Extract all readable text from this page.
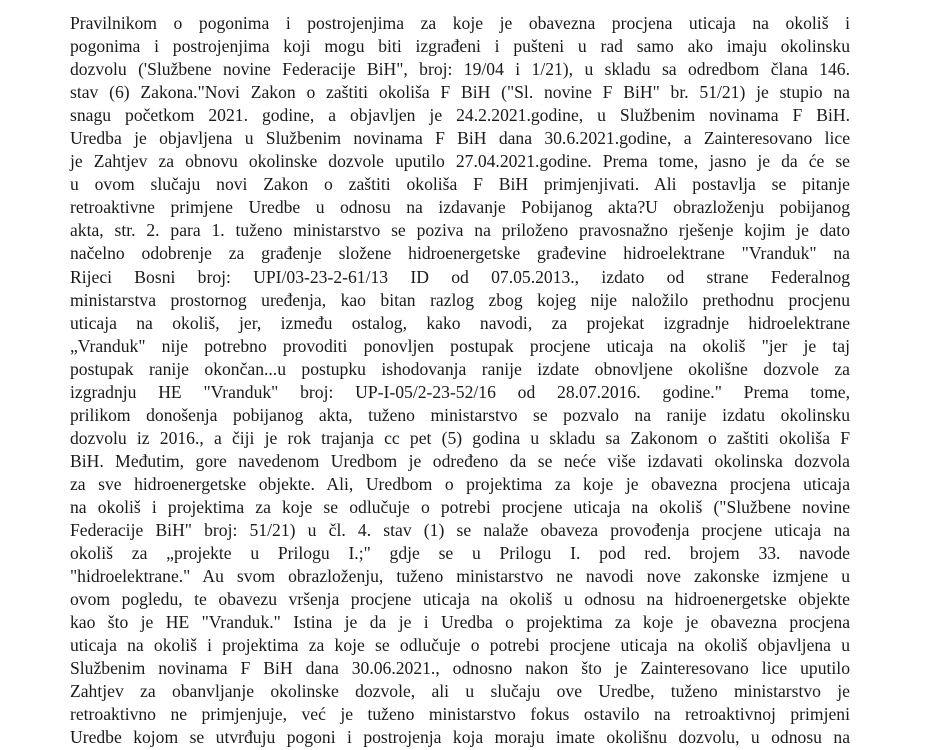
Pravilnikom o pogonima i postrojenjima za koje je obavezna procjena uticaja na okoliš i
pogonima i postrojenjima koji mogu biti izgrađeni i pušteni u rad samo ako imaju okolinsku
dozvolu ('Službene novine Federacije BiH", broj: 19/04 i 1/21), u skladu sa odredbom člana 146.
stav (6) Zakona."Novi Zakon o zaštiti okoliša F BiH ("Sl. novine F BiH" br. 51/21) je stupio na
snagu početkom 2021. godine, a objavljen je 24.2.2021.godine, u Službenim novinama F BiH.
Uredba je objavljena u Službenim novinama F BiH dana 30.6.2021.godine, a Zainteresovano lice
je Zahtjev za obnovu okolinske dozvole uputilo 27.04.2021.godine. Prema tome, jasno je da će se
u ovom slučaju novi Zakon o zaštiti okoliša F BiH primjenjivati. Ali postavlja se pitanje
retroaktivne primjene Uredbe u odnosu na izdavanje Pobijanog akta?U obrazloženju pobijanog
akta, str. 2. para 1. tuženo ministarstvo se poziva na priloženo pravosnažno rješenje kojim je dato
načelno odobrenje za građenje složene hidroenergetske građevine hidroelektrane "Vranduk" na
Rijeci Bosni broj: UPI/03-23-2-61/13 ID od 07.05.2013., izdato od strane Federalnog
ministarstva prostornog uređenja, kao bitan razlog zbog kojeg nije naložilo prethodnu procjenu
uticaja na okoliš, jer, između ostalog, kako navodi, za projekat izgradnje hidroelektrane
„Vranduk" nije potrebno provoditi ponovljen postupak procjene uticaja na okoliš "jer je taj
postupak ranije okončan...u postupku ishodovanja ranije izdate obnovljene okolišne dozvole za
izgradnju HE "Vranduk" broj: UP-I-05/2-23-52/16 od 28.07.2016. godine." Prema tome,
prilikom donošenja pobijanog akta, tuženo ministarstvo se pozvalo na ranije izdatu okolinsku
dozvolu iz 2016., a čiji je rok trajanja cc pet (5) godina u skladu sa Zakonom o zaštiti okoliša F
BiH. Međutim, gore navedenom Uredbom je određeno da se neće više izdavati okolinska dozvola
za sve hidroenergetske objekte. Ali, Uredbom o projektima za koje je obavezna procjena uticaja
na okoliš i projektima za koje se odlučuje o potrebi procjene uticaja na okoliš ("Službene novine
Federacije BiH" broj: 51/21) u čl. 4. stav (1) se nalaže obaveza provođenja procjene uticaja na
okoliš za „projekte u Prilogu I.;" gdje se u Prilogu I. pod red. brojem 33. navode
"hidroelektrane." Au svom obrazloženju, tuženo ministarstvo ne navodi nove zakonske izmjene u
ovom pogledu, te obavezu vršenja procjene uticaja na okoliš u odnosu na hidroenergetske objekte
kao što je HE "Vranduk." Istina je da je i Uredba o projektima za koje je obavezna procjena
uticaja na okoliš i projektima za koje se odlučuje o potrebi procjene uticaja na okoliš objavljena u
Službenim novinama F BiH dana 30.06.2021., odnosno nakon što je Zainteresovano lice uputilo
Zahtjev za obanvljanje okolinske dozvole, ali u slučaju ove Uredbe, tuženo ministarstvo je
retroaktivno ne primjenjuje, već je tuženo ministarstvo fokus ostavilo na retroaktivnoj primjeni
Uredbe kojom se utvrđuju pogoni i postrojenja koja moraju imate okolišnu dozvolu, u odnosu na
